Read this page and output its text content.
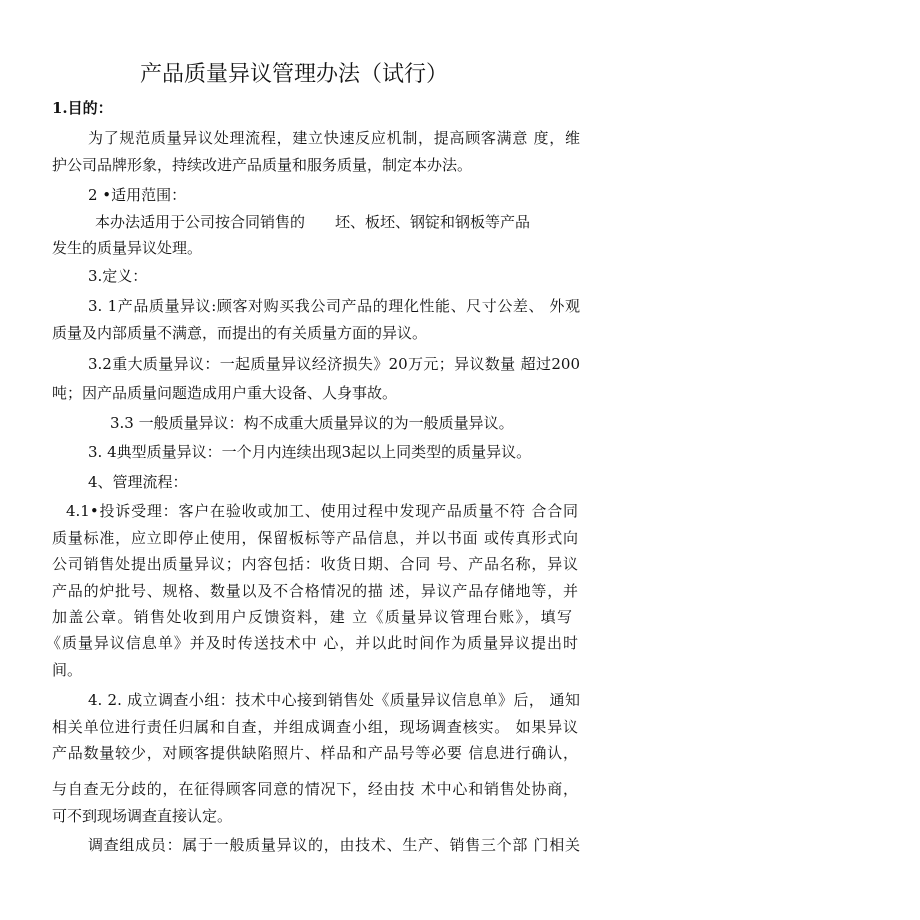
产品质量异议管理办法（试行）
1.目的：
为了规范质量异议处理流程，建立快速反应机制，提高顾客满意 度，维
护公司品牌形象，持续改进产品质量和服务质量，制定本办法。
2 •适用范围：
本办法适用于公司按合同销售的　　坯、板坯、钢锭和钢板等产品
发生的质量异议处理。
3.定义：
3. 1产品质量异议:顾客对购买我公司产品的理化性能、尺寸公差、 外观
质量及内部质量不满意，而提出的有关质量方面的异议。
3.2重大质量异议：一起质量异议经济损失》20万元；异议数量 超过200
吨；因产品质量问题造成用户重大设备、人身事故。
3.3 一般质量异议：构不成重大质量异议的为一般质量异议。
3. 4典型质量异议：一个月内连续出现3起以上同类型的质量异议。
4、管理流程：
4.1•投诉受理：客户在验收或加工、使用过程中发现产品质量不符 合合同
质量标准，应立即停止使用，保留板标等产品信息，并以书面 或传真形式向
公司销售处提出质量异议；内容包括：收货日期、合同 号、产品名称，异议
产品的炉批号、规格、数量以及不合格情况的描 述，异议产品存储地等，并
加盖公章。销售处收到用户反馈资料，建 立《质量异议管理台账》，填写
《质量异议信息单》并及时传送技术中 心，并以此时间作为质量异议提出时
间。
4. 2. 成立调查小组：技术中心接到销售处《质量异议信息单》后， 通知
相关单位进行责任归属和自查，并组成调查小组，现场调查核实。 如果异议
产品数量较少，对顾客提供缺陷照片、样品和产品号等必要 信息进行确认，
与自查无分歧的，在征得顾客同意的情况下，经由技 术中心和销售处协商，
可不到现场调查直接认定。
调查组成员：属于一般质量异议的，由技术、生产、销售三个部 门相关
